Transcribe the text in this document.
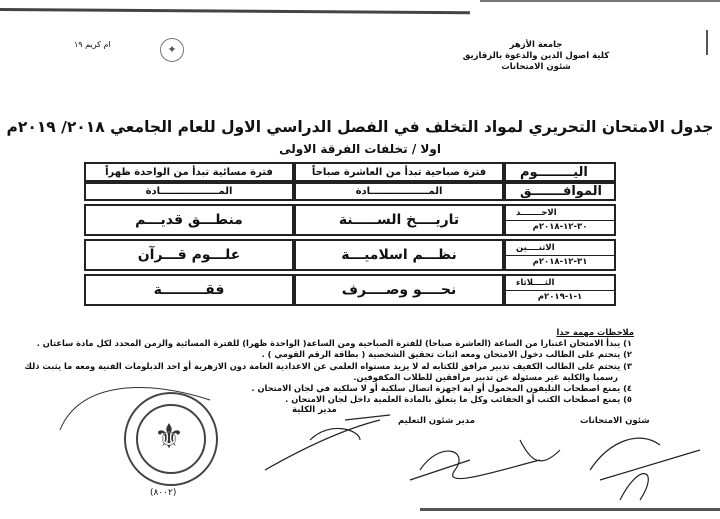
ام كريم ١٩	✦	جامعة الأزهر
كلية اصول الدين والدعوة بالزقازيق
شئون الامتحانات
جدول الامتحان التحريري لمواد التخلف في الفصل الدراسي الاول للعام الجامعي ٢٠١٨/ ٢٠١٩م
اولا / تخلفات الفرقة الاولى
اليــــــــوم
فترة صباحية تبدأ من العاشرة صباحاً
فترة مسائية تبدأ من الواحدة ظهراً
الموافـــــــق
المـــــــــــــــــادة
المـــــــــــــــــادة
الاحـــــــد
٣٠-١٢-٢٠١٨م
تاريــــخ الســـــنة
منطـــق قديـــم
الاثنــــين
٣١-١٢-٢٠١٨م
نظـــم اسلاميـــة
علـــوم قـــرآن
الثــــلاثاء
١-١-٢٠١٩م
نحــــو وصــــرف
فقـــــــــة
ملاحظات مهمة جدا
١) يبدأ الامتحان اعتبارا من الساعة (العاشرة صباحا) للفترة الصباحية ومن الساعة( الواحدة ظهرا) للفترة المسائية والزمن المحدد لكل مادة ساعتان .
٢) يتحتم على الطالب دخول الامتحان ومعه اثبات تحقيق الشخصية ( بطاقة الرقم القومي ) .
٣) يتحتم على الطالب الكفيف تدبير مرافق للكتابه له لا يزيد مستواه العلمي عن الاعدادية العامة دون الازهرية أو احد الدبلومات الفنية ومعه ما يثبت ذلك رسميا والكلية غير مسئولة عن تدبير مرافقين للطلاب المكفوفين.
٤) يمنع اصطحاب التليفون المحمول أو اية اجهزة اتصال سلكية أو لا سلكية في لجان الامتحان .
٥) يمنع اصطحاب الكتب أو الحقائب وكل ما يتعلق بالمادة العلمية داخل لجان الامتحان .
شئون الامتحانات
مدير شئون التعليم
مدير الكلية
⚜
(٨٠٠٢)
